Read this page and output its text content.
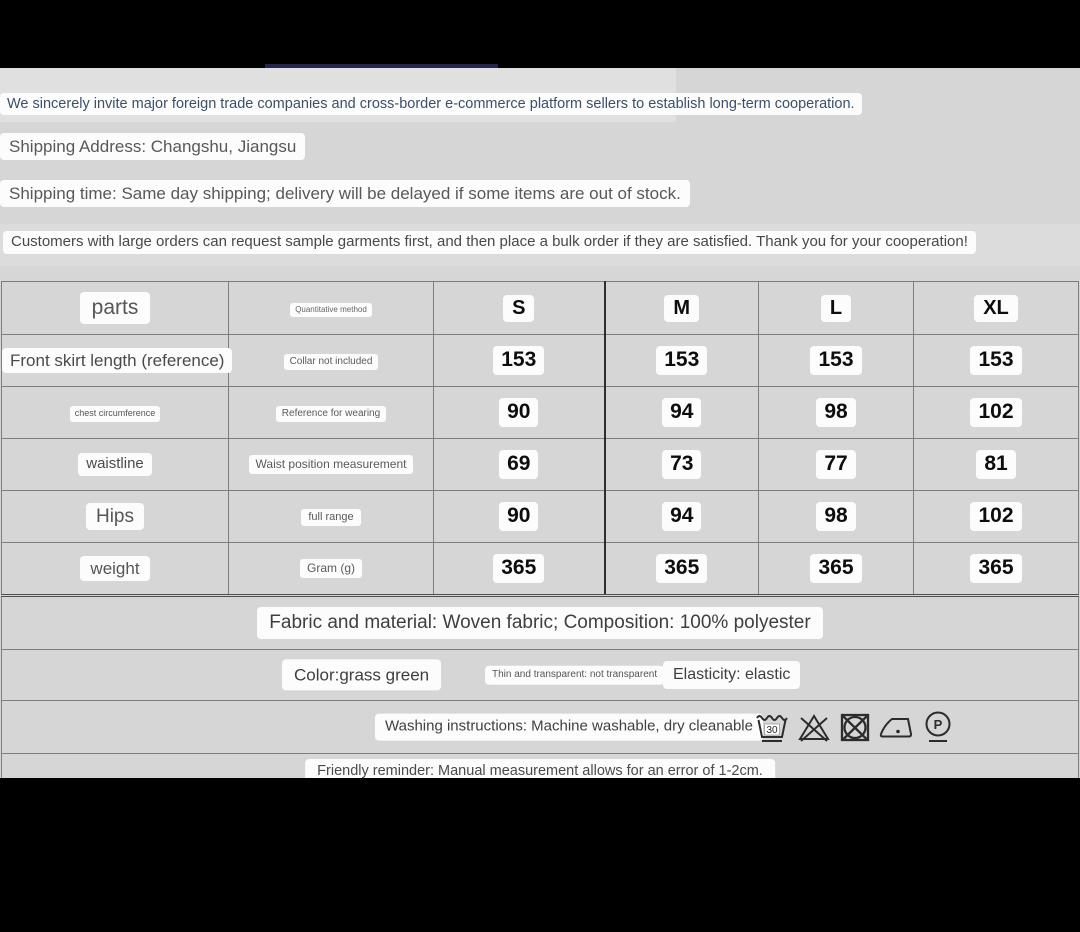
We sincerely invite major foreign trade companies and cross-border e-commerce platform sellers to establish long-term cooperation.
Shipping Address: Changshu, Jiangsu
Shipping time: Same day shipping; delivery will be delayed if some items are out of stock.
Customers with large orders can request sample garments first, and then place a bulk order if they are satisfied. Thank you for your cooperation!
parts	Quantitative method	S	M	L	XL
Front skirt length (reference)	Collar not included	153	153	153	153
chest circumference	Reference for wearing	90	94	98	102
waistline	Waist position measurement	69	73	77	81
Hips	full range	90	94	98	102
weight	Gram (g)	365	365	365	365
Fabric and material: Woven fabric; Composition: 100% polyester					

Color:grass green Thin and transparent: not transparent Elasticity: elastic					

Washing instructions: Machine washable, dry cleanable 30 P					

Friendly reminder: Manual measurement allows for an error of 1-2cm.					
